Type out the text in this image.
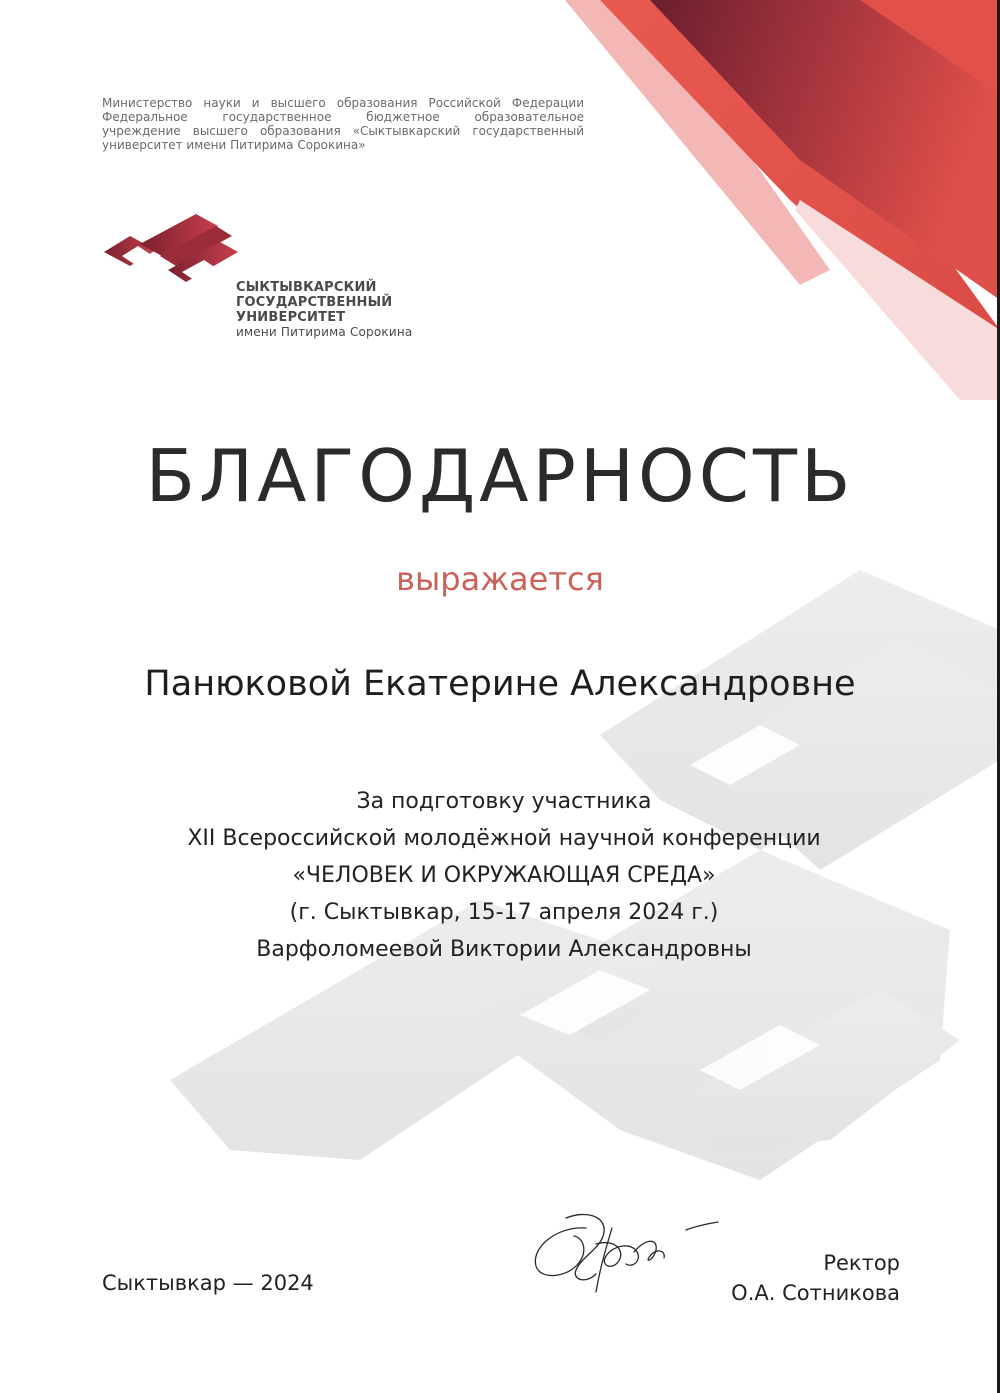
Министерство науки и высшего образования Российской Федерации
Федеральное государственное бюджетное образовательное
учреждение высшего образования «Сыктывкарский государственный
университет имени Питирима Сорокина»
СЫКТЫВКАРСКИЙ
ГОСУДАРСТВЕННЫЙ
УНИВЕРСИТЕТ
имени Питирима Сорокина
БЛАГОДАРНОСТЬ

выражается

Панюковой Екатерине Александровне

За подготовку участника
XII Всероссийской молодёжной научной конференции
«ЧЕЛОВЕК И ОКРУЖАЮЩАЯ СРЕДА»
(г. Сыктывкар, 15-17 апреля 2024 г.)
Варфоломеевой Виктории Александровны
Сыктывкар — 2024
Ректор
О.А. Сотникова
